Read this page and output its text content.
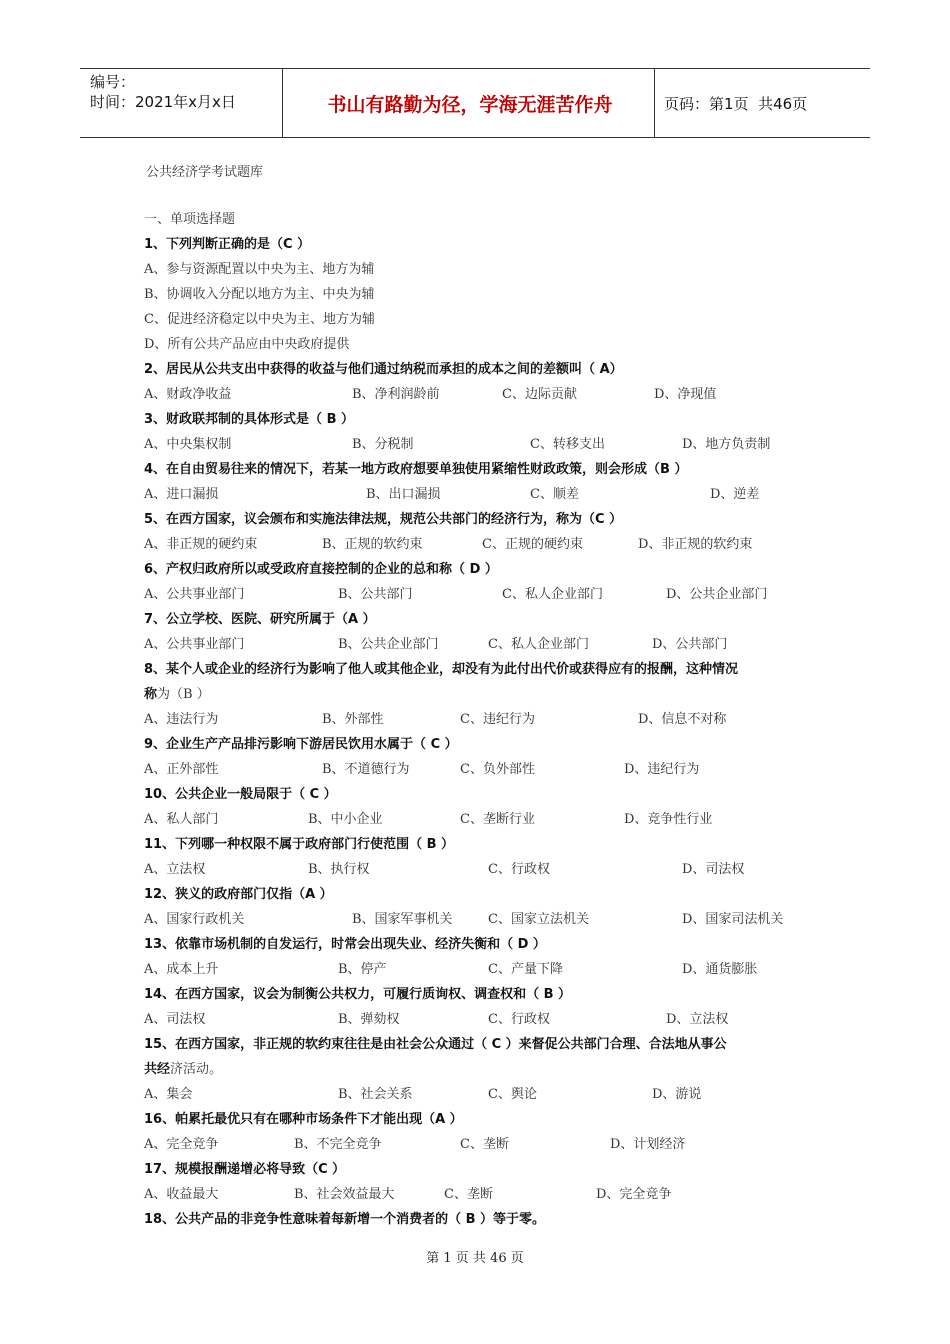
编号：
时间：2021年x月x日	书山有路勤为径，学海无涯苦作舟	页码：第1页  共46页
公共经济学考试题库
一、单项选择题
1、下列判断正确的是（C ）
A、参与资源配置以中央为主、地方为辅
B、协调收入分配以地方为主、中央为辅
C、促进经济稳定以中央为主、地方为辅
D、所有公共产品应由中央政府提供
2、居民从公共支出中获得的收益与他们通过纳税而承担的成本之间的差额叫（ A）
A、财政净收益	B、净利润龄前	C、边际贡献	D、净现值
3、财政联邦制的具体形式是（ B ）
A、中央集权制	B、分税制	C、转移支出	D、地方负责制
4、在自由贸易往来的情况下，若某一地方政府想要单独使用紧缩性财政政策，则会形成（B ）
A、进口漏损	B、出口漏损	C、顺差	D、逆差
5、在西方国家，议会颁布和实施法律法规，规范公共部门的经济行为，称为（C ）
A、非正规的硬约束	B、正规的软约束	C、正规的硬约束	D、非正规的软约束
6、产权归政府所以或受政府直接控制的企业的总和称（ D ）
A、公共事业部门	B、公共部门	C、私人企业部门	D、公共企业部门
7、公立学校、医院、研究所属于（A ）
A、公共事业部门	B、公共企业部门	C、私人企业部门	D、公共部门
8、某个人或企业的经济行为影响了他人或其他企业，却没有为此付出代价或获得应有的报酬，这种情况
称为（B ）
A、违法行为	B、外部性	C、违纪行为	D、信息不对称
9、企业生产产品排污影响下游居民饮用水属于（ C ）
A、正外部性	B、不道德行为	C、负外部性	D、违纪行为
10、公共企业一般局限于（ C ）
A、私人部门	B、中小企业	C、垄断行业	D、竞争性行业
11、下列哪一种权限不属于政府部门行使范围（ B ）
A、立法权	B、执行权	C、行政权	D、司法权
12、狭义的政府部门仅指（A ）
A、国家行政机关	B、国家军事机关	C、国家立法机关	D、国家司法机关
13、依靠市场机制的自发运行，时常会出现失业、经济失衡和（ D ）
A、成本上升	B、停产	C、产量下降	D、通货膨胀
14、在西方国家，议会为制衡公共权力，可履行质询权、调查权和（ B ）
A、司法权	B、弹劾权	C、行政权	D、立法权
15、在西方国家，非正规的软约束往往是由社会公众通过（ C ）来督促公共部门合理、合法地从事公
共经济活动。
A、集会	B、社会关系	C、舆论	D、游说
16、帕累托最优只有在哪种市场条件下才能出现（A ）
A、完全竞争	B、不完全竞争	C、垄断	D、计划经济
17、规模报酬递增必将导致（C ）
A、收益最大	B、社会效益最大	C、垄断	D、完全竞争
18、公共产品的非竞争性意味着每新增一个消费者的（ B ）等于零。
第 1 页 共 46 页
